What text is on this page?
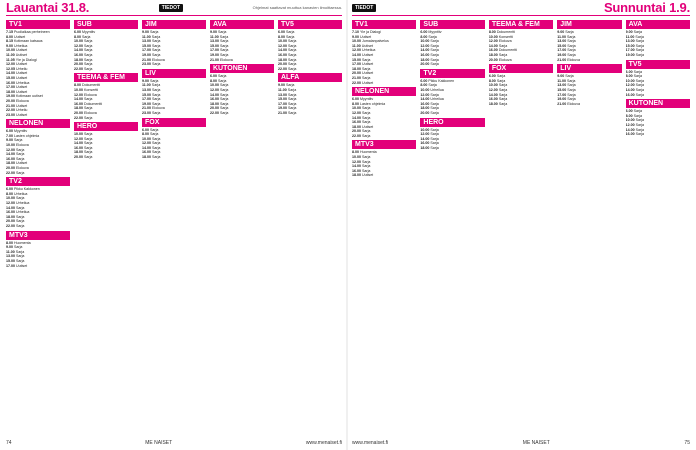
Lauantai 31.8.	TIEDOT	Ohjelmat saattavat muuttua kanavien ilmoittaessa.	TIEDOT	Sunnuntai 1.9.
TV1
7.15 Puoliaikaa perheineen
8.00 Uutiset
8.15 Kotimaan katsaus
9.00 Urheilua
10.00 Uutiset
11.00 Uutiset
11.05 Yle ja Dialogi
12.00 Uutiset
12.05 Urheilu
14.00 Uutiset
15.00 Uutiset
16.00 Urheilua
17.00 Uutiset
18.00 Uutiset
19.00 Kotimaan uutiset
20.00 Elokuva
21.00 Uutiset
22.00 Urheilu
23.00 Uutiset
NELONEN
6.00 Myyntitv
7.00 Lasten ohjelmia
9.00 Sarja
10.00 Elokuva
12.00 Sarja
14.00 Sarja
16.00 Sarja
18.00 Uutiset
20.00 Elokuva
22.00 Sarja
TV2
6.00 Pikku Kakkonen
8.00 Urheilua
10.00 Sarja
12.00 Urheilua
14.00 Sarja
16.00 Urheilua
18.00 Sarja
20.00 Sarja
22.00 Sarja
MTV3
8.00 Huomenta
9.00 Sarja
11.00 Sarja
13.00 Sarja
15.00 Sarja
17.00 Uutiset
SUB
6.00 Myyntitv
8.00 Sarja
10.00 Sarja
12.00 Sarja
14.00 Sarja
16.00 Sarja
18.00 Sarja
20.00 Sarja
22.00 Sarja
TEEMA & FEM
8.00 Dokumentti
10.00 Konsertti
12.00 Elokuva
14.00 Sarja
16.00 Dokumentti
18.00 Sarja
20.00 Elokuva
22.00 Sarja
HERO
10.00 Sarja
12.00 Sarja
14.00 Sarja
16.00 Sarja
18.00 Sarja
20.00 Sarja
JIM
9.00 Sarja
11.00 Sarja
13.00 Sarja
15.00 Sarja
17.00 Sarja
19.00 Sarja
21.00 Elokuva
23.00 Sarja
LIV
9.00 Sarja
11.00 Sarja
13.00 Sarja
15.00 Sarja
17.00 Sarja
19.00 Sarja
21.00 Elokuva
23.00 Sarja
FOX
6.00 Sarja
8.00 Sarja
10.00 Sarja
12.00 Sarja
14.00 Sarja
16.00 Sarja
18.00 Sarja
AVA
9.00 Sarja
11.00 Sarja
13.00 Sarja
15.00 Sarja
17.00 Sarja
19.00 Sarja
21.00 Elokuva
KUTONEN
6.00 Sarja
8.00 Sarja
10.00 Sarja
12.00 Sarja
14.00 Sarja
16.00 Sarja
18.00 Sarja
20.00 Sarja
22.00 Sarja
TV5
6.00 Sarja
8.00 Sarja
10.00 Sarja
12.00 Sarja
14.00 Sarja
16.00 Sarja
18.00 Sarja
20.00 Sarja
22.00 Sarja
ALFA
9.00 Sarja
11.00 Sarja
13.00 Sarja
15.00 Sarja
17.00 Sarja
19.00 Sarja
21.00 Sarja
TV1
7.10 Yle ja Dialogi
9.00 Uutiset
10.00 Jumalanpalvelus
11.00 Uutiset
12.00 Urheilua
14.00 Uutiset
15.00 Sarja
17.00 Uutiset
18.00 Sarja
20.00 Uutiset
21.00 Sarja
22.00 Uutiset
NELONEN
6.00 Myyntitv
8.00 Lasten ohjelmia
10.00 Sarja
12.00 Sarja
14.00 Sarja
16.00 Sarja
18.00 Uutiset
20.00 Sarja
22.00 Sarja
MTV3
8.00 Huomenta
10.00 Sarja
12.00 Sarja
14.00 Sarja
16.00 Sarja
18.00 Uutiset
SUB
6.00 Myyntitv
8.00 Sarja
10.00 Sarja
12.00 Sarja
14.00 Sarja
16.00 Sarja
18.00 Sarja
20.00 Sarja
TV2
6.00 Pikku Kakkonen
8.00 Sarja
10.00 Urheilua
12.00 Sarja
14.00 Urheilua
16.00 Sarja
18.00 Sarja
20.00 Sarja
HERO
10.00 Sarja
12.00 Sarja
14.00 Sarja
16.00 Sarja
18.00 Sarja
TEEMA & FEM
8.00 Dokumentti
10.00 Konsertti
12.00 Elokuva
14.00 Sarja
16.00 Dokumentti
18.00 Sarja
20.00 Elokuva
FOX
6.00 Sarja
8.00 Sarja
10.00 Sarja
12.00 Sarja
14.00 Sarja
16.00 Sarja
18.00 Sarja
JIM
9.00 Sarja
11.00 Sarja
13.00 Sarja
15.00 Sarja
17.00 Sarja
19.00 Sarja
21.00 Elokuva
LIV
9.00 Sarja
11.00 Sarja
13.00 Sarja
15.00 Sarja
17.00 Sarja
19.00 Sarja
21.00 Elokuva
AVA
9.00 Sarja
11.00 Sarja
13.00 Sarja
15.00 Sarja
17.00 Sarja
19.00 Sarja
TV5
6.00 Sarja
8.00 Sarja
10.00 Sarja
12.00 Sarja
14.00 Sarja
16.00 Sarja
KUTONEN
6.00 Sarja
8.00 Sarja
10.00 Sarja
12.00 Sarja
14.00 Sarja
16.00 Sarja
74	ME NAISET	www.menaiset.fi www.menaiset.fi	ME NAISET	75
